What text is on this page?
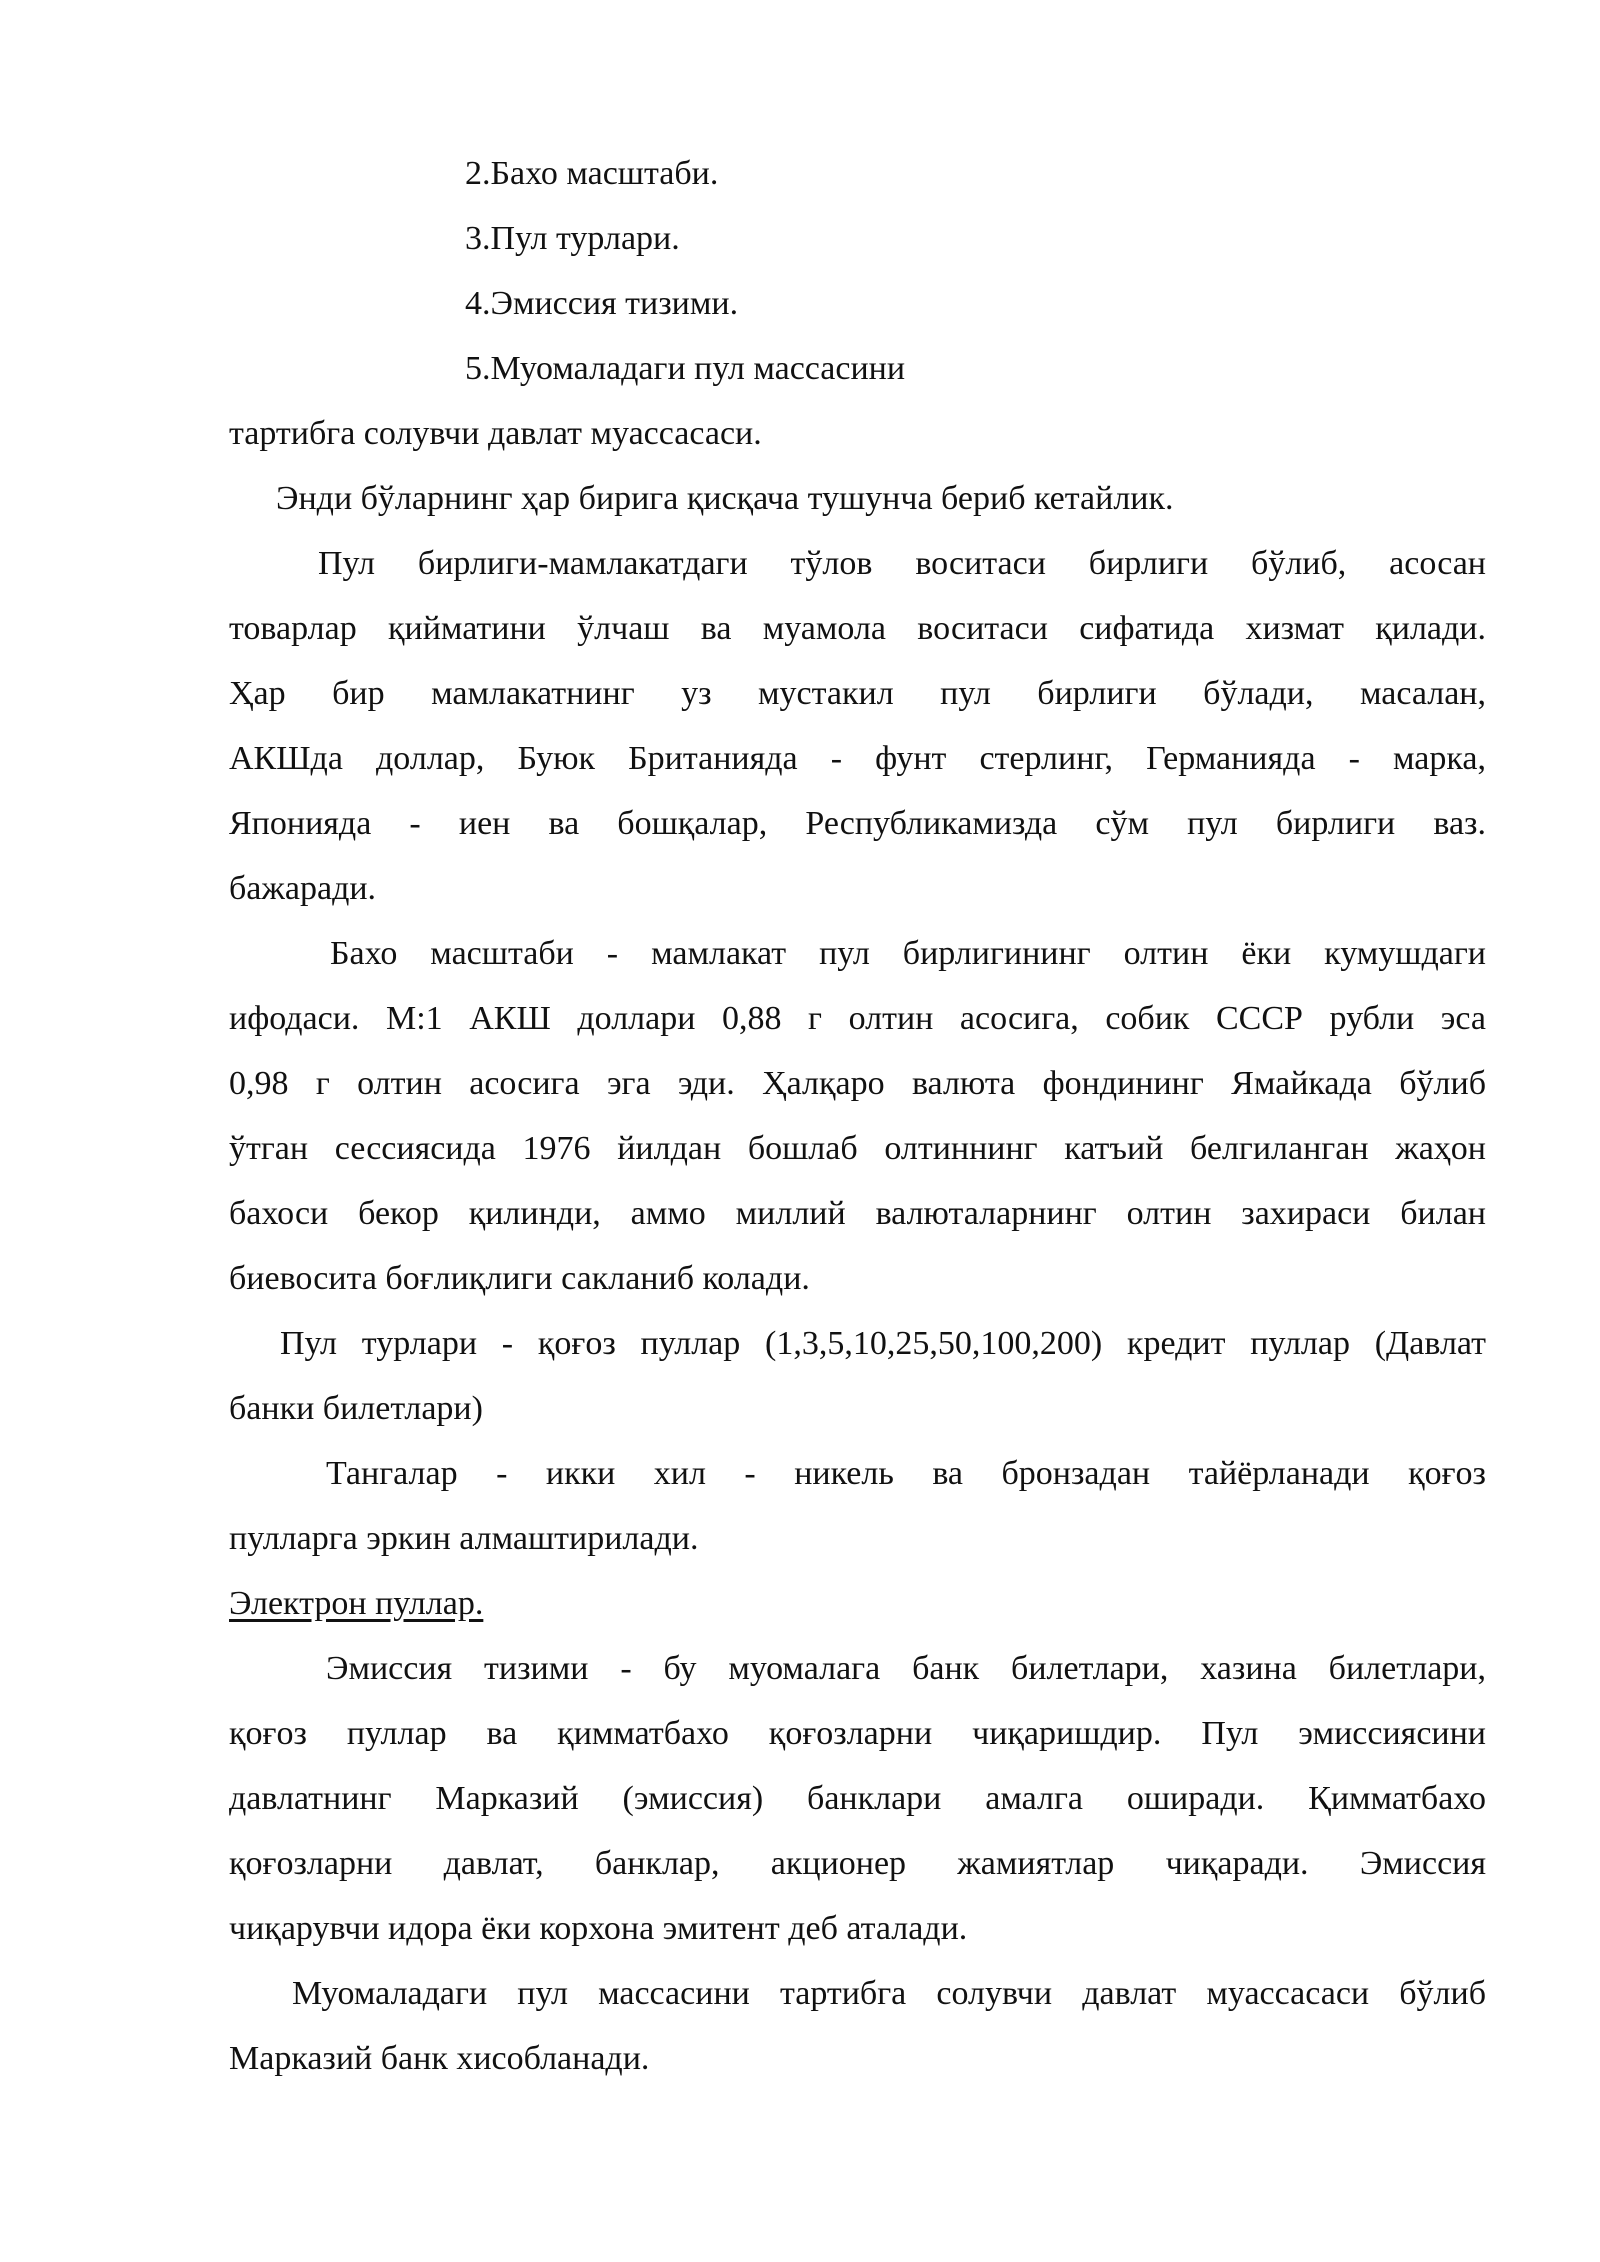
2.Бахо масштаби.
3.Пул турлари.
4.Эмиссия тизими.
5.Муомаладаги пул массасини
тартибга солувчи давлат муассасаси.
Энди бўларнинг ҳар бирига қисқача тушунча бериб кетайлик.
Пул бирлиги-мамлакатдаги тўлов воситаси бирлиги бўлиб, асосан
товарлар қийматини ўлчаш ва муамола воситаси сифатида хизмат қилади.
Ҳар бир мамлакатнинг уз мустакил пул бирлиги бўлади, масалан,
АКШда доллар, Буюк Британияда - фунт стерлинг, Германияда - марка,
Японияда - иен ва бошқалар, Республикамизда сўм пул бирлиги ваз.
бажаради.
Бахо масштаби - мамлакат пул бирлигининг олтин ёки кумушдаги
ифодаси. М:1 АКШ доллари 0,88 г олтин асосига, собик СССР рубли эса
0,98 г олтин асосига эга эди. Ҳалқаро валюта фондининг Ямайкада бўлиб
ўтган сессиясида 1976 йилдан бошлаб олтиннинг катъий белгиланган жаҳон
бахоси бекор қилинди, аммо миллий валюталарнинг олтин захираси билан
биевосита боғлиқлиги сакланиб колади.
Пул турлари - қоғоз пуллар (1,3,5,10,25,50,100,200) кредит пуллар (Давлат
банки билетлари)
Тангалар - икки хил - никель ва бронзадан тайёрланади қоғоз
пулларга эркин алмаштирилади.
Электрон пуллар.
Эмиссия тизими - бу муомалага банк билетлари, хазина билетлари,
қоғоз пуллар ва қимматбахо қоғозларни чиқаришдир. Пул эмиссиясини
давлатнинг Марказий (эмиссия) банклари амалга оширади. Қимматбахо
қоғозларни давлат, банклар, акционер жамиятлар чиқаради. Эмиссия
чиқарувчи идора ёки корхона эмитент деб аталади.
Муомаладаги пул массасини тартибга солувчи давлат муассасаси бўлиб
Марказий банк хисобланади.
